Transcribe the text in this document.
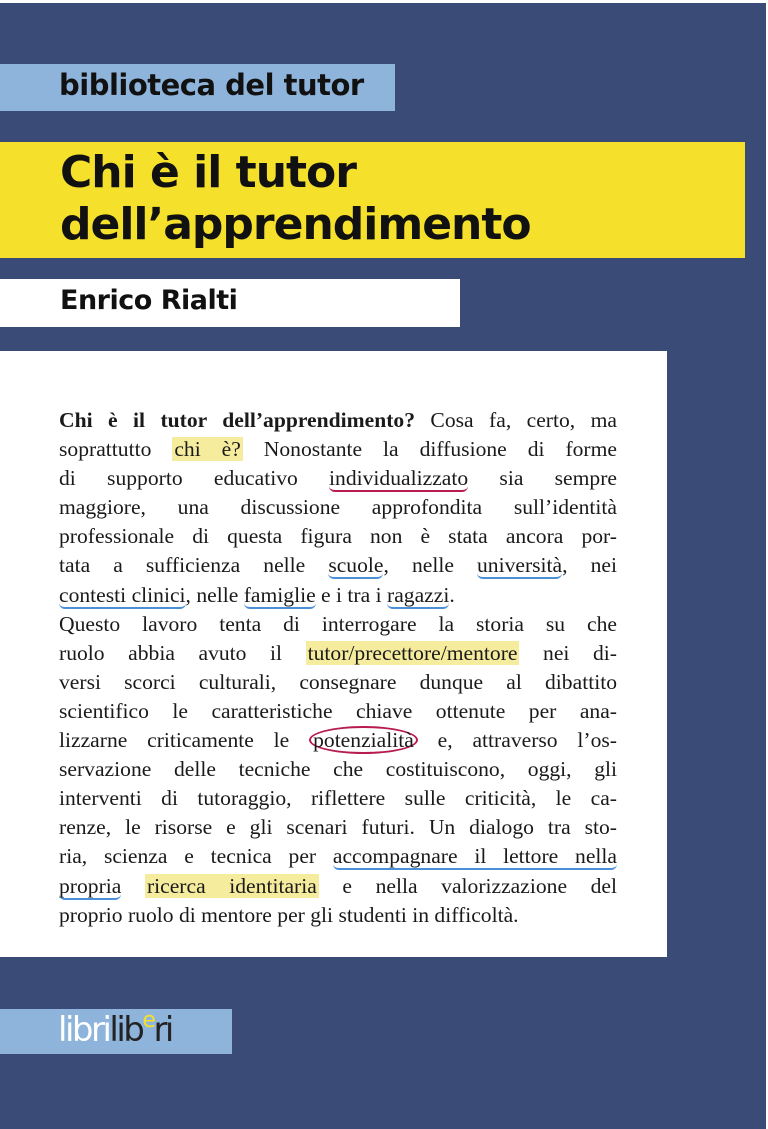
biblioteca del tutor
Chi è il tutor
dell’apprendimento
Enrico Rialti
librilib$^e$ri
Chi è il tutor dell’apprendimento? Cosa fa, certo, ma
soprattutto chi è? Nonostante la diffusione di forme
di supporto educativo individualizzato sia sempre
maggiore, una discussione approfondita sull’identità
professionale di questa figura non è stata ancora por-
tata a sufficienza nelle scuole, nelle università, nei
contesti clinici, nelle famiglie e i tra i ragazzi.
Questo lavoro tenta di interrogare la storia su che
ruolo abbia avuto il tutor/precettore/mentore nei di-
versi scorci culturali, consegnare dunque al dibattito
scientifico le caratteristiche chiave ottenute per ana-
lizzarne criticamente le potenzialità e, attraverso l’os-
servazione delle tecniche che costituiscono, oggi, gli
interventi di tutoraggio, riflettere sulle criticità, le ca-
renze, le risorse e gli scenari futuri. Un dialogo tra sto-
ria, scienza e tecnica per accompagnare il lettore nella
propria ricerca identitaria e nella valorizzazione del
proprio ruolo di mentore per gli studenti in difficoltà.
